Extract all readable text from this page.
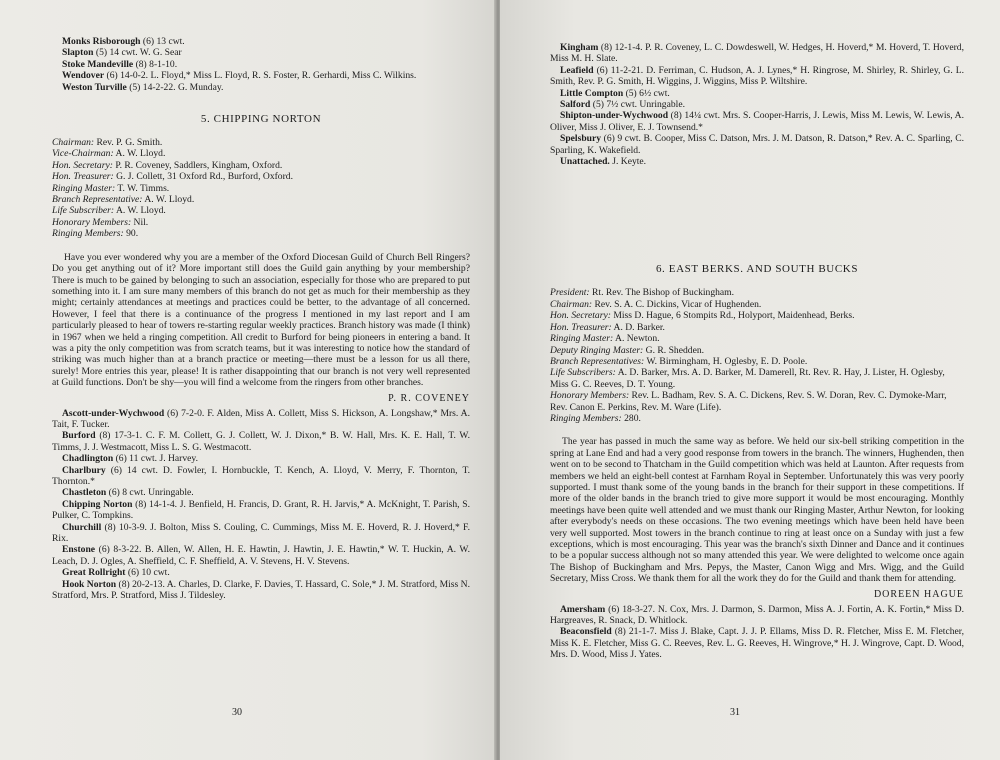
Monks Risborough (6) 13 cwt.

Slapton (5) 14 cwt. W. G. Sear

Stoke Mandeville (8) 8-1-10.

Wendover (6) 14-0-2. L. Floyd,* Miss L. Floyd, R. S. Foster, R. Gerhardi, Miss C. Wilkins.

Weston Turville (5) 14-2-22. G. Munday.

5. CHIPPING NORTON
Chairman: Rev. P. G. Smith.
Vice-Chairman: A. W. Lloyd.
Hon. Secretary: P. R. Coveney, Saddlers, Kingham, Oxford.
Hon. Treasurer: G. J. Collett, 31 Oxford Rd., Burford, Oxford.
Ringing Master: T. W. Timms.
Branch Representative: A. W. Lloyd.
Life Subscriber: A. W. Lloyd.
Honorary Members: Nil.
Ringing Members: 90.

Have you ever wondered why you are a member of the Oxford Diocesan Guild of Church Bell Ringers? Do you get anything out of it? More important still does the Guild gain anything by your membership? There is much to be gained by belonging to such an association, especially for those who are prepared to put something into it. I am sure many members of this branch do not get as much for their membership as they might; certainly attendances at meetings and practices could be better, to the advantage of all concerned. However, I feel that there is a continuance of the progress I mentioned in my last report and I am particularly pleased to hear of towers re-starting regular weekly practices. Branch history was made (I think) in 1967 when we held a ringing competition. All credit to Burford for being pioneers in entering a band. It was a pity the only competition was from scratch teams, but it was interesting to notice how the standard of striking was much higher than at a branch practice or meeting—there must be a lesson for us all there, surely! More entries this year, please! It is rather disappointing that our branch is not very well represented at Guild functions. Don't be shy—you will find a welcome from the ringers from other branches.

P. R. COVENEY

Ascott-under-Wychwood (6) 7-2-0. F. Alden, Miss A. Collett, Miss S. Hickson, A. Longshaw,* Mrs. A. Tait, F. Tucker.

Burford (8) 17-3-1. C. F. M. Collett, G. J. Collett, W. J. Dixon,* B. W. Hall, Mrs. K. E. Hall, T. W. Timms, J. J. Westmacott, Miss L. S. G. Westmacott.

Chadlington (6) 11 cwt. J. Harvey.

Charlbury (6) 14 cwt. D. Fowler, I. Hornbuckle, T. Kench, A. Lloyd, V. Merry, F. Thornton, T. Thornton.*

Chastleton (6) 8 cwt. Unringable.

Chipping Norton (8) 14-1-4. J. Benfield, H. Francis, D. Grant, R. H. Jarvis,* A. McKnight, T. Parish, S. Pulker, C. Tompkins.

Churchill (8) 10-3-9. J. Bolton, Miss S. Couling, C. Cummings, Miss M. E. Hoverd, R. J. Hoverd,* F. Rix.

Enstone (6) 8-3-22. B. Allen, W. Allen, H. E. Hawtin, J. Hawtin, J. E. Hawtin,* W. T. Huckin, A. W. Leach, D. J. Ogles, A. Sheffield, C. F. Sheffield, A. V. Stevens, H. V. Stevens.

Great Rollright (6) 10 cwt.

Hook Norton (8) 20-2-13. A. Charles, D. Clarke, F. Davies, T. Hassard, C. Sole,* J. M. Stratford, Miss N. Stratford, Mrs. P. Stratford, Miss J. Tildesley.

30

Kingham (8) 12-1-4. P. R. Coveney, L. C. Dowdeswell, W. Hedges, H. Hoverd,* M. Hoverd, T. Hoverd, Miss M. H. Slate.

Leafield (6) 11-2-21. D. Ferriman, C. Hudson, A. J. Lynes,* H. Ringrose, M. Shirley, R. Shirley, G. L. Smith, Rev. P. G. Smith, H. Wiggins, J. Wiggins, Miss P. Wiltshire.

Little Compton (5) 6½ cwt.

Salford (5) 7½ cwt. Unringable.

Shipton-under-Wychwood (8) 14¼ cwt. Mrs. S. Cooper-Harris, J. Lewis, Miss M. Lewis, W. Lewis, A. Oliver, Miss J. Oliver, E. J. Townsend.*

Spelsbury (6) 9 cwt. B. Cooper, Miss C. Datson, Mrs. J. M. Datson, R. Datson,* Rev. A. C. Sparling, C. Sparling, K. Wakefield.

Unattached. J. Keyte.

6. EAST BERKS. AND SOUTH BUCKS
President: Rt. Rev. The Bishop of Buckingham.
Chairman: Rev. S. A. C. Dickins, Vicar of Hughenden.
Hon. Secretary: Miss D. Hague, 6 Stompits Rd., Holyport, Maidenhead, Berks.
Hon. Treasurer: A. D. Barker.
Ringing Master: A. Newton.
Deputy Ringing Master: G. R. Shedden.
Branch Representatives: W. Birmingham, H. Oglesby, E. D. Poole.
Life Subscribers: A. D. Barker, Mrs. A. D. Barker, M. Damerell, Rt. Rev. R. Hay, J. Lister, H. Oglesby, Miss G. C. Reeves, D. T. Young.
Honorary Members: Rev. L. Badham, Rev. S. A. C. Dickens, Rev. S. W. Doran, Rev. C. Dymoke-Marr, Rev. Canon E. Perkins, Rev. M. Ware (Life).
Ringing Members: 280.

The year has passed in much the same way as before. We held our six-bell striking competition in the spring at Lane End and had a very good response from towers in the branch. The winners, Hughenden, then went on to be second to Thatcham in the Guild competition which was held at Launton. After requests from members we held an eight-bell contest at Farnham Royal in September. Unfortunately this was very poorly supported. I must thank some of the young bands in the branch for their support in these competitions. If more of the older bands in the branch tried to give more support it would be most encouraging. Monthly meetings have been quite well attended and we must thank our Ringing Master, Arthur Newton, for looking after everybody's needs on these occasions. The two evening meetings which have been held have been very well supported. Most towers in the branch continue to ring at least once on a Sunday with just a few exceptions, which is most encouraging. This year was the branch's sixth Dinner and Dance and it continues to be a popular success although not so many attended this year. We were delighted to welcome once again The Bishop of Buckingham and Mrs. Pepys, the Master, Canon Wigg and Mrs. Wigg, and the Guild Secretary, Miss Cross. We thank them for all the work they do for the Guild and thank them for attending.

DOREEN HAGUE

Amersham (6) 18-3-27. N. Cox, Mrs. J. Darmon, S. Darmon, Miss A. J. Fortin, A. K. Fortin,* Miss D. Hargreaves, R. Snack, D. Whitlock.

Beaconsfield (8) 21-1-7. Miss J. Blake, Capt. J. J. P. Ellams, Miss D. R. Fletcher, Miss E. M. Fletcher, Miss K. E. Fletcher, Miss G. C. Reeves, Rev. L. G. Reeves, H. Wingrove,* H. J. Wingrove, Capt. D. Wood, Mrs. D. Wood, Miss J. Yates.

31
